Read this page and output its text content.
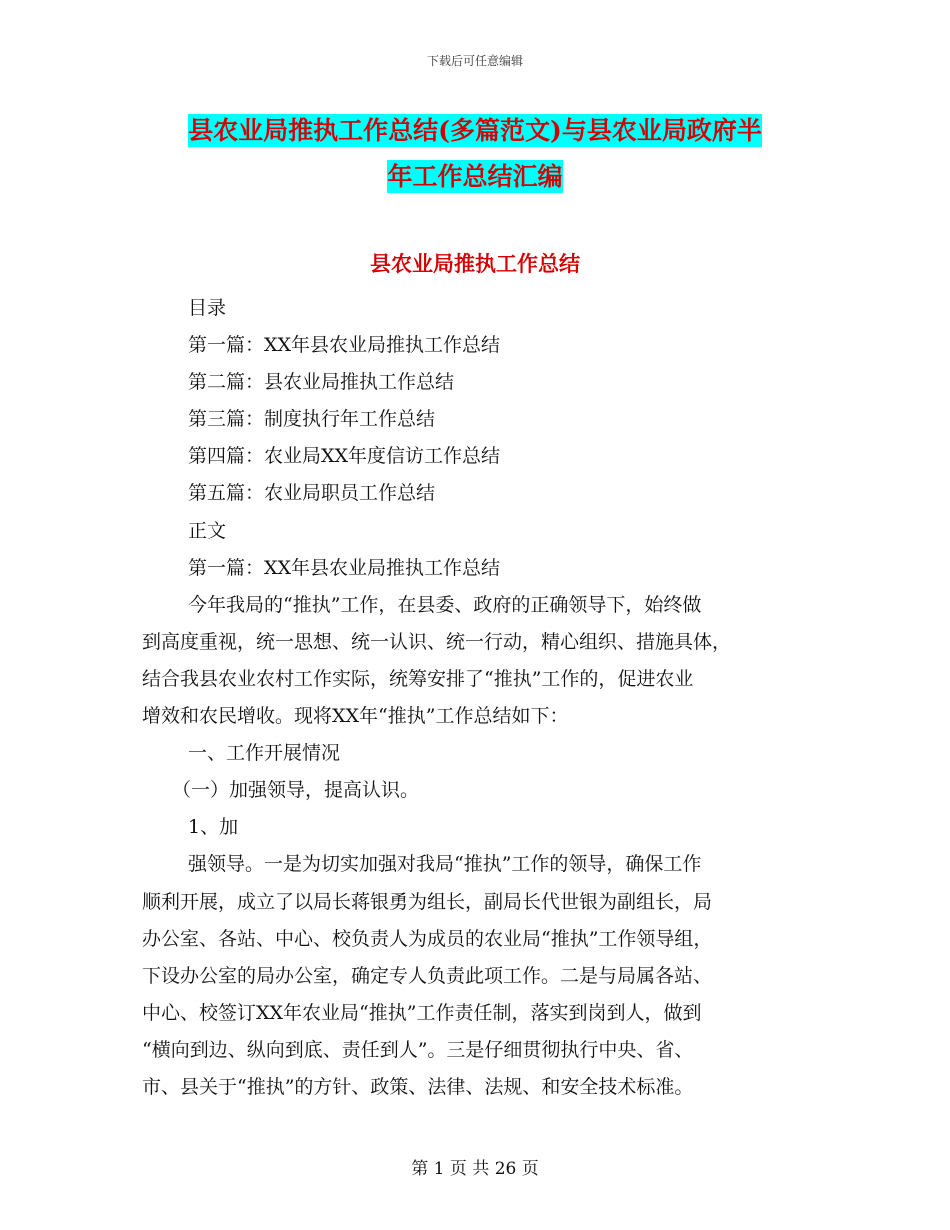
下载后可任意编辑
县农业局推执工作总结(多篇范文)与县农业局政府半
年工作总结汇编
县农业局推执工作总结
目录
第一篇：XX年县农业局推执工作总结
第二篇：县农业局推执工作总结
第三篇：制度执行年工作总结
第四篇：农业局XX年度信访工作总结
第五篇：农业局职员工作总结
正文
第一篇：XX年县农业局推执工作总结
今年我局的“推执”工作，在县委、政府的正确领导下，始终做
到高度重视，统一思想、统一认识、统一行动，精心组织、措施具体，
结合我县农业农村工作实际，统筹安排了“推执”工作的，促进农业
增效和农民增收。现将XX年“推执”工作总结如下：
一、工作开展情况
（一）加强领导，提高认识。
1、加
强领导。一是为切实加强对我局“推执”工作的领导，确保工作
顺利开展，成立了以局长蒋银勇为组长，副局长代世银为副组长，局
办公室、各站、中心、校负责人为成员的农业局“推执”工作领导组，
下设办公室的局办公室，确定专人负责此项工作。二是与局属各站、
中心、校签订XX年农业局“推执”工作责任制，落实到岗到人，做到
“横向到边、纵向到底、责任到人”。三是仔细贯彻执行中央、省、
市、县关于“推执”的方针、政策、法律、法规、和安全技术标准。
第 1 页 共 26 页
